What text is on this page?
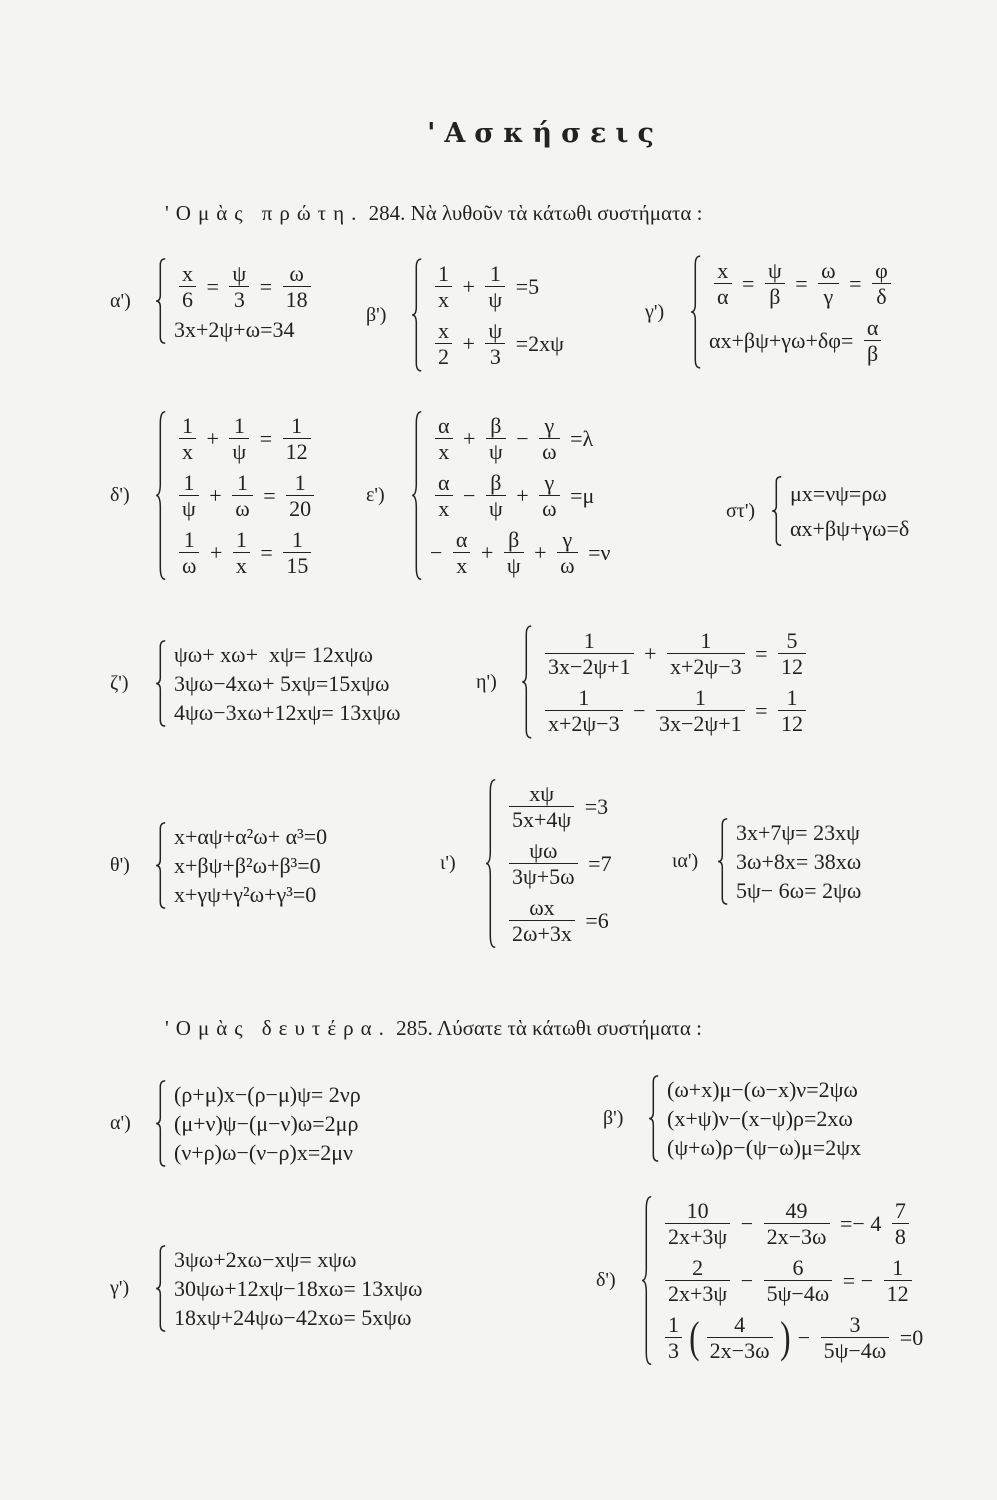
'Ασκήσεις
'Ομὰς πρώτη. 284. Νὰ λυθοῦν τὰ κάτωθι συστήματα :
α')	$\frac{x}{6} = \frac{\psi}{3} = \frac{\omega}{18}$
3x+2ψ+ω=34
β')
$\frac{1}{x} + \frac{1}{\psi} =5$
$\frac{x}{2} + \frac{\psi}{3} =2x\psi$
γ')
$\frac{x}{\alpha} = \frac{\psi}{\beta} = \frac{\omega}{\gamma} = \frac{\varphi}{\delta}$
$\alpha x+\beta\psi+\gamma\omega+\delta\varphi= \frac{\alpha}{\beta}$
δ')
$\frac{1}{x} + \frac{1}{\psi} = \frac{1}{12}$
$\frac{1}{\psi} + \frac{1}{\omega} = \frac{1}{20}$
$\frac{1}{\omega} + \frac{1}{x} = \frac{1}{15}$
ε')
$\frac{\alpha}{x} + \frac{\beta}{\psi} - \frac{\gamma}{\omega} =\lambda$
$\frac{\alpha}{x} - \frac{\beta}{\psi} + \frac{\gamma}{\omega} =\mu$
− $\frac{\alpha}{x} + \frac{\beta}{\psi} + \frac{\gamma}{\omega} =\nu$
στ')
μx=νψ=ρω
αx+βψ+γω=δ
ζ')
ψω+ xω+  xψ= 12xψω
3ψω−4xω+ 5xψ=15xψω
4ψω−3xω+12xψ= 13xψω
η')
$\frac{1}{3x-2\psi+1} + \frac{1}{x+2\psi-3} = \frac{5}{12}$
$\frac{1}{x+2\psi-3} - \frac{1}{3x-2\psi+1} = \frac{1}{12}$
θ')
x+αψ+α²ω+ α³=0
x+βψ+β²ω+β³=0
x+γψ+γ²ω+γ³=0
ι')
$\frac{x\psi}{5x+4\psi} =3$
$\frac{\psi\omega}{3\psi+5\omega} =7$
$\frac{\omega x}{2\omega+3x} =6$
ια')
3x+7ψ= 23xψ
3ω+8x= 38xω
5ψ− 6ω= 2ψω
'Ομὰς δευτέρα. 285. Λύσατε τὰ κάτωθι συστήματα :
α')
(ρ+μ)x−(ρ−μ)ψ= 2νρ
(μ+ν)ψ−(μ−ν)ω=2μρ
(ν+ρ)ω−(ν−ρ)x=2μν
β')
(ω+x)μ−(ω−x)ν=2ψω
(x+ψ)ν−(x−ψ)ρ=2xω
(ψ+ω)ρ−(ψ−ω)μ=2ψx
γ')
3ψω+2xω−xψ= xψω
30ψω+12xψ−18xω= 13xψω
18xψ+24ψω−42xω= 5xψω
δ')
$\frac{10}{2x+3\psi} - \frac{49}{2x-3\omega} =- 4 \frac{7}{8}$
$\frac{2}{2x+3\psi} - \frac{6}{5\psi-4\omega}$ = − $\frac{1}{12}$
$\frac{1}{3}$ ( $\frac{4}{2x-3\omega}$ ) − $\frac{3}{5\psi-4\omega} =0$
